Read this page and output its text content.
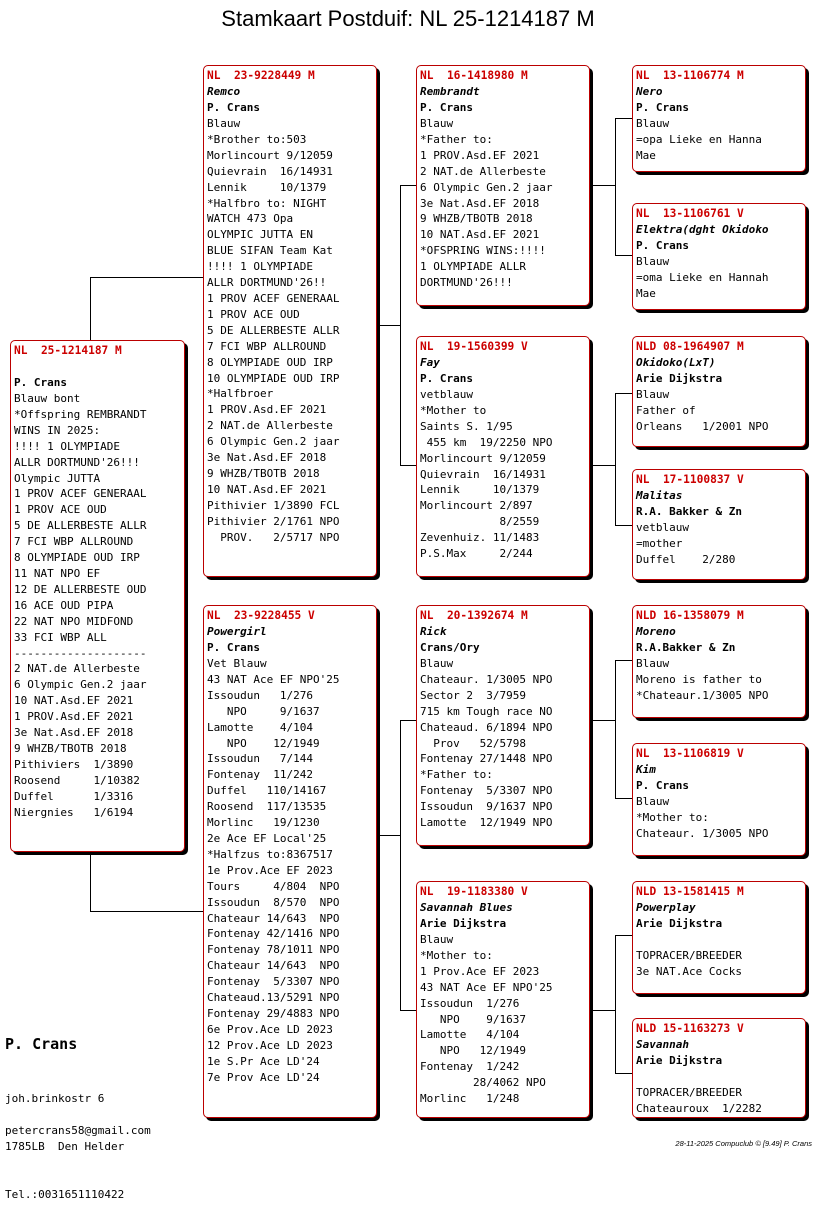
Stamkaart Postduif: NL 25-1214187 M
NL  25-1214187 M

P. Crans
Blauw bont
*Offspring REMBRANDT
WINS IN 2025:
!!!! 1 OLYMPIADE
ALLR DORTMUND'26!!!
Olympic JUTTA
1 PROV ACEF GENERAAL
1 PROV ACE OUD
5 DE ALLERBESTE ALLR
7 FCI WBP ALLROUND
8 OLYMPIADE OUD IRP
11 NAT NPO EF
12 DE ALLERBESTE OUD
16 ACE OUD PIPA
22 NAT NPO MIDFOND
33 FCI WBP ALL
--------------------
2 NAT.de Allerbeste
6 Olympic Gen.2 jaar
10 NAT.Asd.EF 2021
1 PROV.Asd.EF 2021
3e Nat.Asd.EF 2018
9 WHZB/TBOTB 2018
Pithiviers  1/3890
Roosend     1/10382
Duffel      1/3316
Niergnies   1/6194
NL  23-9228449 M
Remco
P. Crans
Blauw
*Brother to:503
Morlincourt 9/12059
Quievrain  16/14931
Lennik     10/1379
*Halfbro to: NIGHT
WATCH 473 Opa
OLYMPIC JUTTA EN
BLUE SIFAN Team Kat
!!!! 1 OLYMPIADE
ALLR DORTMUND'26!!
1 PROV ACEF GENERAAL
1 PROV ACE OUD
5 DE ALLERBESTE ALLR
7 FCI WBP ALLROUND
8 OLYMPIADE OUD IRP
10 OLYMPIADE OUD IRP
*Halfbroer
1 PROV.Asd.EF 2021
2 NAT.de Allerbeste
6 Olympic Gen.2 jaar
3e Nat.Asd.EF 2018
9 WHZB/TBOTB 2018
10 NAT.Asd.EF 2021
Pithivier 1/3890 FCL
Pithivier 2/1761 NPO
PROV.   2/5717 NPO
NL  23-9228455 V
Powergirl
P. Crans
Vet Blauw
43 NAT Ace EF NPO'25
Issoudun   1/276
NPO     9/1637
Lamotte    4/104
NPO    12/1949
Issoudun   7/144
Fontenay  11/242
Duffel   110/14167
Roosend  117/13535
Morlinc   19/1230
2e Ace EF Local'25
*Halfzus to:8367517
1e Prov.Ace EF 2023
Tours     4/804  NPO
Issoudun  8/570  NPO
Chateaur 14/643  NPO
Fontenay 42/1416 NPO
Fontenay 78/1011 NPO
Chateaur 14/643  NPO
Fontenay  5/3307 NPO
Chateaud.13/5291 NPO
Fontenay 29/4883 NPO
6e Prov.Ace LD 2023
12 Prov.Ace LD 2023
1e S.Pr Ace LD'24
7e Prov Ace LD'24
NL  16-1418980 M
Rembrandt
P. Crans
Blauw
*Father to:
1 PROV.Asd.EF 2021
2 NAT.de Allerbeste
6 Olympic Gen.2 jaar
3e Nat.Asd.EF 2018
9 WHZB/TBOTB 2018
10 NAT.Asd.EF 2021
*OFSPRING WINS:!!!!
1 OLYMPIADE ALLR
DORTMUND'26!!!
NL  19-1560399 V
Fay
P. Crans
vetblauw
*Mother to
Saints S. 1/95
455 km  19/2250 NPO
Morlincourt 9/12059
Quievrain  16/14931
Lennik     10/1379
Morlincourt 2/897
8/2559
Zevenhuiz. 11/1483
P.S.Max     2/244
NL  20-1392674 M
Rick
Crans/Ory
Blauw
Chateaur. 1/3005 NPO
Sector 2  3/7959
715 km Tough race NO
Chateaud. 6/1894 NPO
Prov   52/5798
Fontenay 27/1448 NPO
*Father to:
Fontenay  5/3307 NPO
Issoudun  9/1637 NPO
Lamotte  12/1949 NPO
NL  19-1183380 V
Savannah Blues
Arie Dijkstra
Blauw
*Mother to:
1 Prov.Ace EF 2023
43 NAT Ace EF NPO'25
Issoudun  1/276
NPO    9/1637
Lamotte   4/104
NPO   12/1949
Fontenay  1/242
28/4062 NPO
Morlinc   1/248
NL  13-1106774 M
Nero
P. Crans
Blauw
=opa Lieke en Hanna
Mae
NL  13-1106761 V
Elektra(dght Okidoko
P. Crans
Blauw
=oma Lieke en Hannah
Mae
NLD 08-1964907 M
Okidoko(LxT)
Arie Dijkstra
Blauw
Father of
Orleans   1/2001 NPO
NL  17-1100837 V
Malitas
R.A. Bakker & Zn
vetblauw
=mother
Duffel    2/280
NLD 16-1358079 M
Moreno
R.A.Bakker & Zn
Blauw
Moreno is father to
*Chateaur.1/3005 NPO
NL  13-1106819 V
Kim
P. Crans
Blauw
*Mother to:
Chateaur. 1/3005 NPO
NLD 13-1581415 M
Powerplay
Arie Dijkstra

TOPRACER/BREEDER
3e NAT.Ace Cocks
NLD 15-1163273 V
Savannah
Arie Dijkstra

TOPRACER/BREEDER
Chateauroux  1/2282
P. Crans

joh.brinkostr 6

1785LB  Den Helder

Tel.:0031651110422

petercrans58@gmail.com
28-11-2025 Compuclub © [9.49] P. Crans
